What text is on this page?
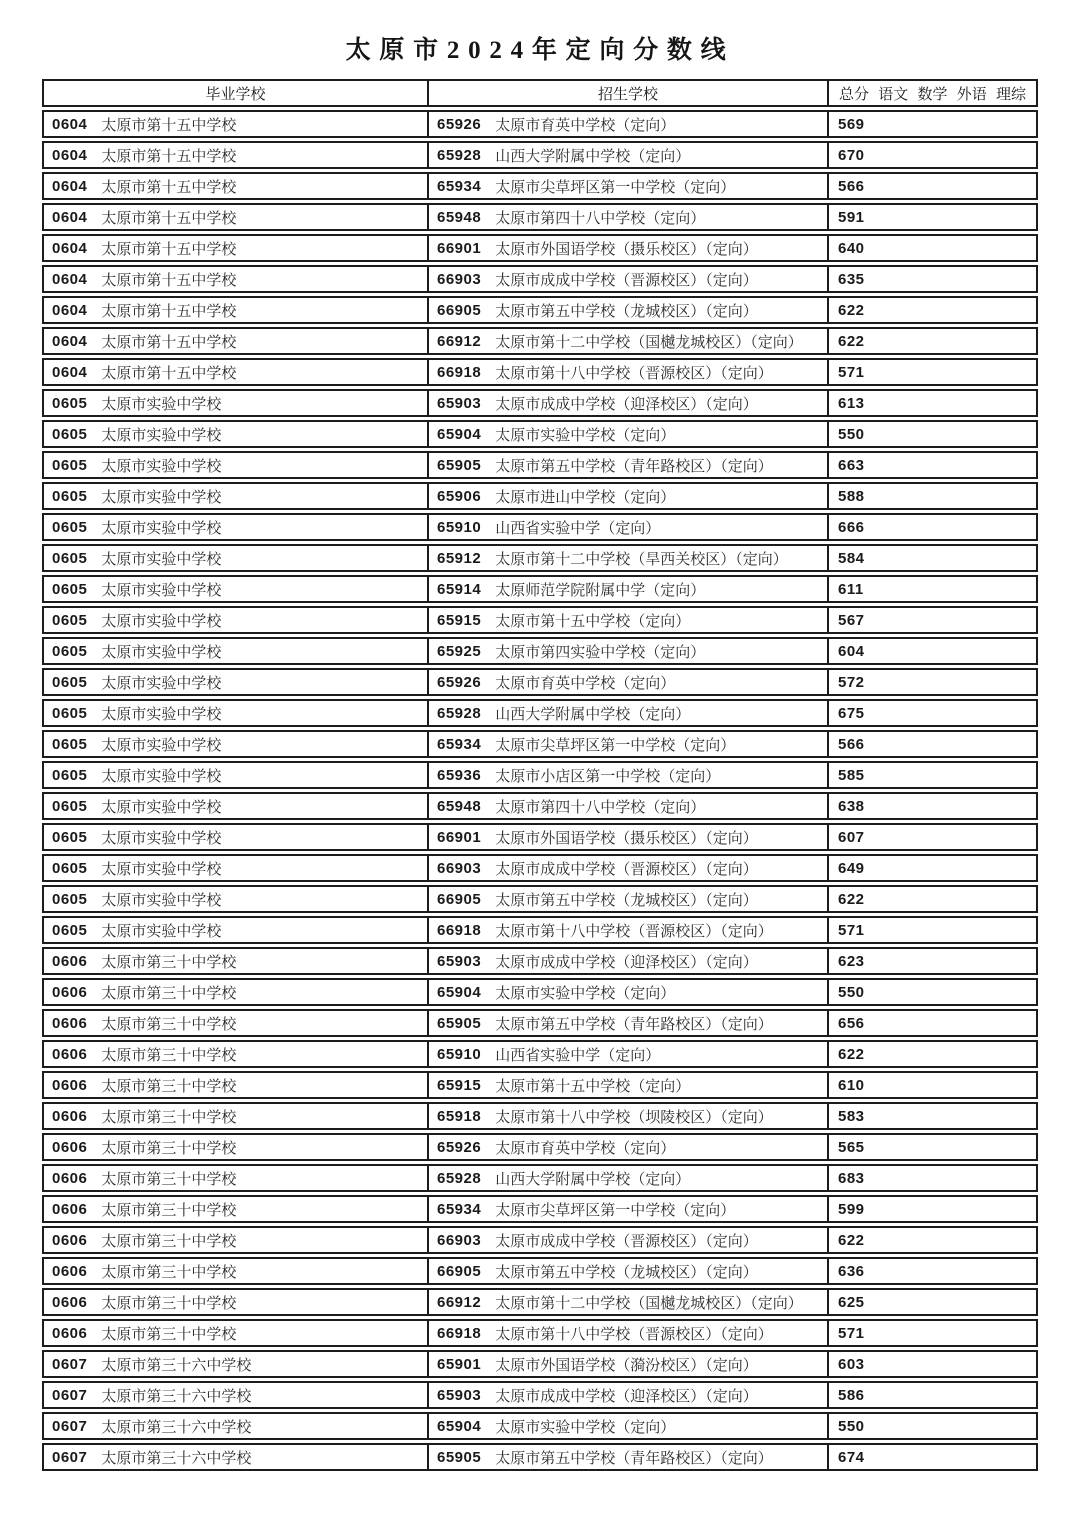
太原市2024年定向分数线
毕业学校	招生学校	总分 语文 数学 外语 理综

0604 太原市第十五中学校	65926 太原市育英中学校（定向）	569

0604 太原市第十五中学校	65928 山西大学附属中学校（定向）	670

0604 太原市第十五中学校	65934 太原市尖草坪区第一中学校（定向）	566

0604 太原市第十五中学校	65948 太原市第四十八中学校（定向）	591

0604 太原市第十五中学校	66901 太原市外国语学校（摄乐校区）（定向）	640

0604 太原市第十五中学校	66903 太原市成成中学校（晋源校区）（定向）	635

0604 太原市第十五中学校	66905 太原市第五中学校（龙城校区）（定向）	622

0604 太原市第十五中学校	66912 太原市第十二中学校（国樾龙城校区）（定向）	622

0604 太原市第十五中学校	66918 太原市第十八中学校（晋源校区）（定向）	571

0605 太原市实验中学校	65903 太原市成成中学校（迎泽校区）（定向）	613

0605 太原市实验中学校	65904 太原市实验中学校（定向）	550

0605 太原市实验中学校	65905 太原市第五中学校（青年路校区）（定向）	663

0605 太原市实验中学校	65906 太原市进山中学校（定向）	588

0605 太原市实验中学校	65910 山西省实验中学（定向）	666

0605 太原市实验中学校	65912 太原市第十二中学校（旱西关校区）（定向）	584

0605 太原市实验中学校	65914 太原师范学院附属中学（定向）	611

0605 太原市实验中学校	65915 太原市第十五中学校（定向）	567

0605 太原市实验中学校	65925 太原市第四实验中学校（定向）	604

0605 太原市实验中学校	65926 太原市育英中学校（定向）	572

0605 太原市实验中学校	65928 山西大学附属中学校（定向）	675

0605 太原市实验中学校	65934 太原市尖草坪区第一中学校（定向）	566

0605 太原市实验中学校	65936 太原市小店区第一中学校（定向）	585

0605 太原市实验中学校	65948 太原市第四十八中学校（定向）	638

0605 太原市实验中学校	66901 太原市外国语学校（摄乐校区）（定向）	607

0605 太原市实验中学校	66903 太原市成成中学校（晋源校区）（定向）	649

0605 太原市实验中学校	66905 太原市第五中学校（龙城校区）（定向）	622

0605 太原市实验中学校	66918 太原市第十八中学校（晋源校区）（定向）	571

0606 太原市第三十中学校	65903 太原市成成中学校（迎泽校区）（定向）	623

0606 太原市第三十中学校	65904 太原市实验中学校（定向）	550

0606 太原市第三十中学校	65905 太原市第五中学校（青年路校区）（定向）	656

0606 太原市第三十中学校	65910 山西省实验中学（定向）	622

0606 太原市第三十中学校	65915 太原市第十五中学校（定向）	610

0606 太原市第三十中学校	65918 太原市第十八中学校（坝陵校区）（定向）	583

0606 太原市第三十中学校	65926 太原市育英中学校（定向）	565

0606 太原市第三十中学校	65928 山西大学附属中学校（定向）	683

0606 太原市第三十中学校	65934 太原市尖草坪区第一中学校（定向）	599

0606 太原市第三十中学校	66903 太原市成成中学校（晋源校区）（定向）	622

0606 太原市第三十中学校	66905 太原市第五中学校（龙城校区）（定向）	636

0606 太原市第三十中学校	66912 太原市第十二中学校（国樾龙城校区）（定向）	625

0606 太原市第三十中学校	66918 太原市第十八中学校（晋源校区）（定向）	571

0607 太原市第三十六中学校	65901 太原市外国语学校（漪汾校区）（定向）	603

0607 太原市第三十六中学校	65903 太原市成成中学校（迎泽校区）（定向）	586

0607 太原市第三十六中学校	65904 太原市实验中学校（定向）	550

0607 太原市第三十六中学校	65905 太原市第五中学校（青年路校区）（定向）	674
